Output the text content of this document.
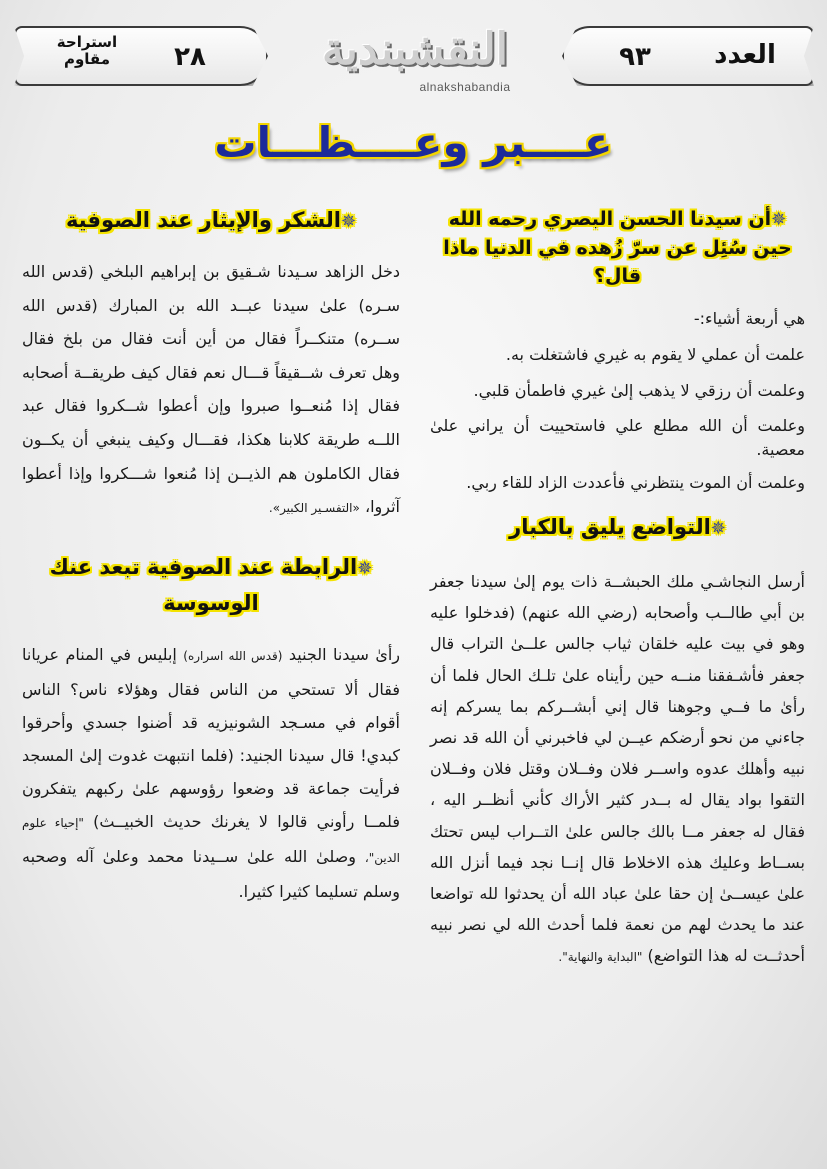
استراحة مقاوم	٢٨	٩٣	العدد
النقشبندية
alnakshabandia
عــــبر وعــــظـــات
✵أن سيدنا الحسن البصري رحمه الله حين سُئِل عن سرّ زُهده في الدنيا ماذا قال؟

هي أربعة أشياء:-

علمت أن عملي لا يقوم به غيري فاشتغلت به.

وعلمت أن رزقي لا يذهب إلىٰ غيري فاطمأن قلبي.

وعلمت أن الله مطلع علي فاستحييت أن يراني علىٰ معصية.

وعلمت أن الموت ينتظرني فأعددت الزاد للقاء ربي.

✵التواضع يليق بالكبار

أرسل النجاشـي ملك الحبشــة ذات يوم إلىٰ سيدنا جعفر بن أبي طالــب وأصحابه (رضي الله عنهم) (فدخلوا عليه وهو في بيت عليه خلقان ثياب جالس علــىٰ التراب قال جعفر فأشـفقنا منــه حين رأيناه علىٰ تلـك الحال فلما أن رأىٰ ما فــي وجوهنا قال إني أبشــركم بما يسركم إنه جاءني من نحو أرضكم عيــن لي فاخبرني أن الله قد نصر نبيه وأهلك عدوه واســر فلان وفــلان وقتل فلان وفــلان التقوا بواد يقال له بــدر كثير الأراك كأني أنظــر اليه ، فقال له جعفر مــا بالك جالس علىٰ التــراب ليس تحتك بســاط وعليك هذه الاخلاط قال إنــا نجد فيما أنزل الله علىٰ عيســىٰ إن حقا علىٰ عباد الله أن يحدثوا لله تواضعا عند ما يحدث لهم من نعمة فلما أحدث الله لي نصر نبيه أحدثــت له هذا التواضع) "البداية والنهاية".

✵الشكر والإيثار عند الصوفية

دخل الزاهد سـيدنا شـقيق بن إبراهيم البلخي (قدس الله سـره) علىٰ سيدنا عبــد الله بن المبارك (قدس الله ســره) متنكــراً فقال من أين أنت فقال من بلخ فقال وهل تعرف شــقيقاً قـــال نعم فقال كيف طريقــة أصحابه فقال إذا مُنعــوا صبروا وإن أعطوا شــكروا فقال عبد اللــه طريقة كلابنا هكذا، فقـــال وكيف ينبغي أن يكــون فقال الكاملون هم الذيــن إذا مُنعوا شـــكروا وإذا أعطوا آثروا، «التفسـير الكبير».

✵الرابطة عند الصوفية تبعد عنك الوسوسة

رأىٰ سيدنا الجنيد (قدس الله اسراره) إبليس في المنام عريانا فقال ألا تستحي من الناس فقال وهؤلاء ناس؟ الناس أقوام في مسـجد الشونيزيه قد أضنوا جسدي وأحرقوا كبدي! قال سيدنا الجنيد: (فلما انتبهت غدوت إلىٰ المسجد فرأيت جماعة قد وضعوا رؤوسهم علىٰ ركبهم يتفكرون فلمــا رأوني قالوا لا يغرنك حديث الخبيــث) "إحياء علوم الدين"، وصلىٰ الله علىٰ ســيدنا محمد وعلىٰ آله وصحبه وسلم تسليما كثيرا كثيرا.
